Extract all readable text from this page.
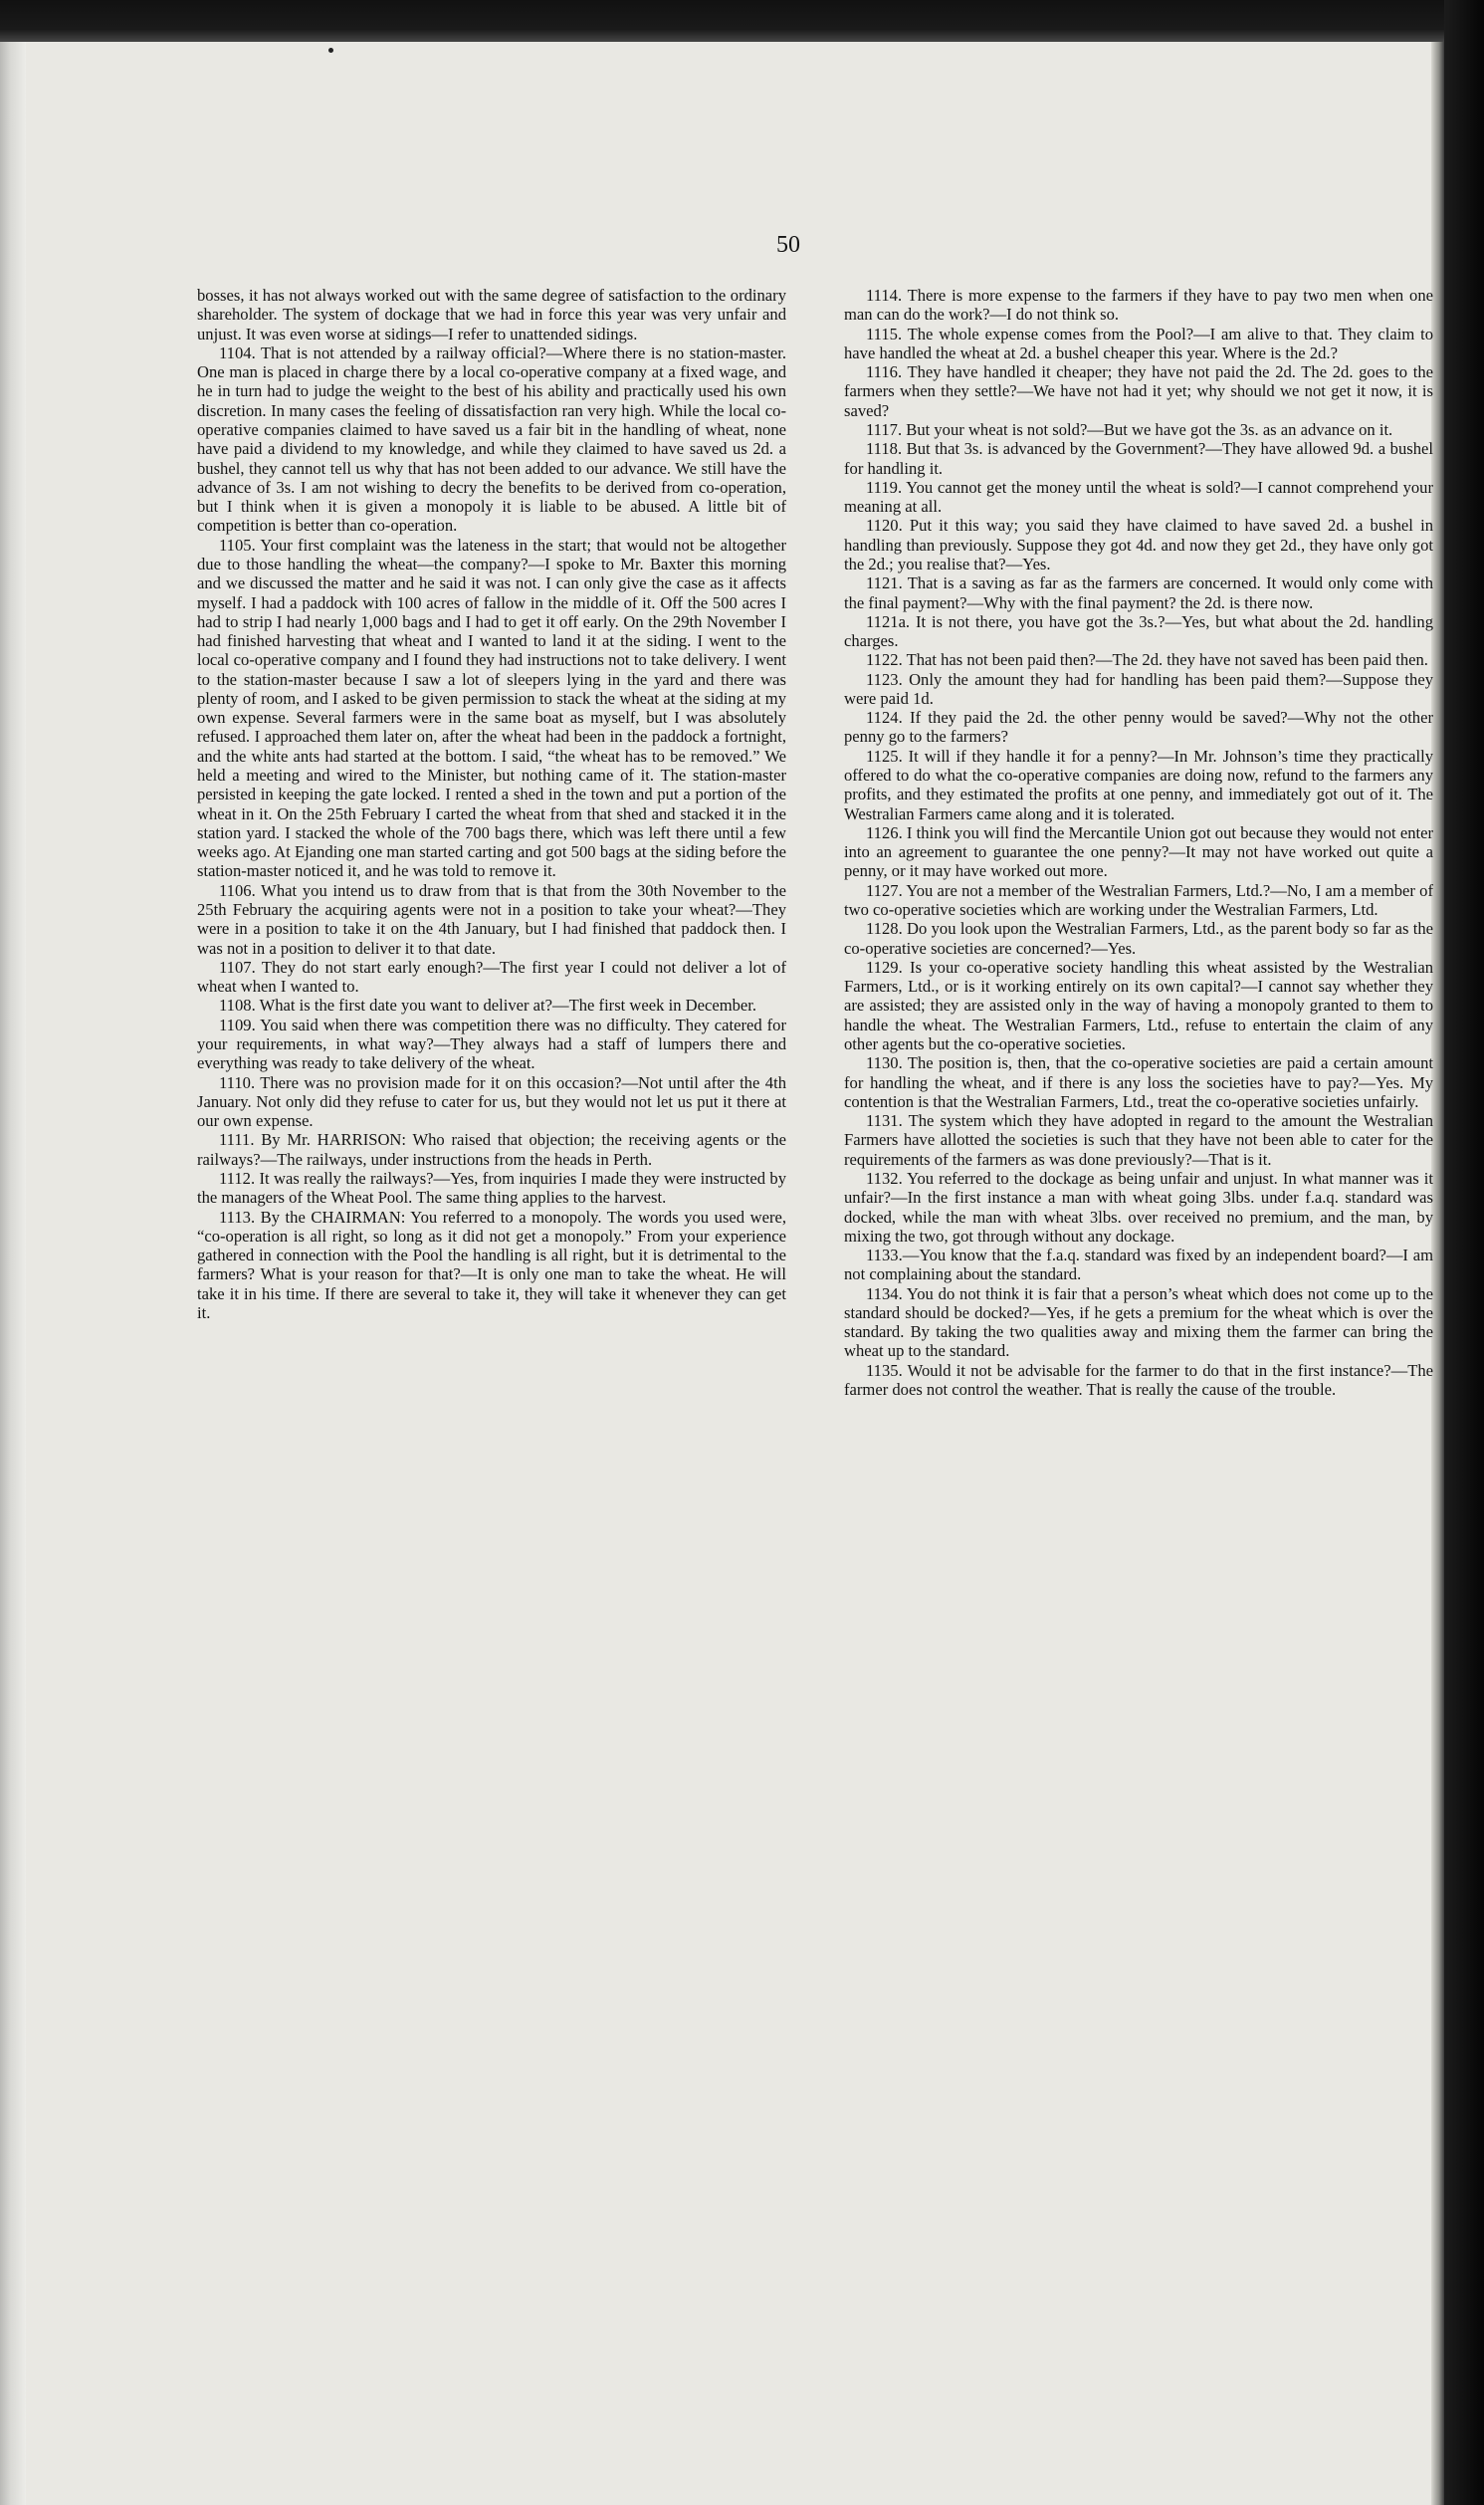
50

bosses, it has not always worked out with the same degree of satisfaction to the ordinary shareholder. The system of dockage that we had in force this year was very unfair and unjust. It was even worse at sidings—I refer to unattended sidings.

1104. That is not attended by a railway official?—Where there is no station-master. One man is placed in charge there by a local co-operative company at a fixed wage, and he in turn had to judge the weight to the best of his ability and practically used his own discretion. In many cases the feeling of dissatisfaction ran very high. While the local co-operative companies claimed to have saved us a fair bit in the handling of wheat, none have paid a dividend to my knowledge, and while they claimed to have saved us 2d. a bushel, they cannot tell us why that has not been added to our advance. We still have the advance of 3s. I am not wishing to decry the benefits to be derived from co-operation, but I think when it is given a monopoly it is liable to be abused. A little bit of competition is better than co-operation.

1105. Your first complaint was the lateness in the start; that would not be altogether due to those handling the wheat—the company?—I spoke to Mr. Baxter this morning and we discussed the matter and he said it was not. I can only give the case as it affects myself. I had a paddock with 100 acres of fallow in the middle of it. Off the 500 acres I had to strip I had nearly 1,000 bags and I had to get it off early. On the 29th November I had finished harvesting that wheat and I wanted to land it at the siding. I went to the local co-operative company and I found they had instructions not to take delivery. I went to the station-master because I saw a lot of sleepers lying in the yard and there was plenty of room, and I asked to be given permission to stack the wheat at the siding at my own expense. Several farmers were in the same boat as myself, but I was absolutely refused. I approached them later on, after the wheat had been in the paddock a fortnight, and the white ants had started at the bottom. I said, “the wheat has to be removed.” We held a meeting and wired to the Minister, but nothing came of it. The station-master persisted in keeping the gate locked. I rented a shed in the town and put a portion of the wheat in it. On the 25th February I carted the wheat from that shed and stacked it in the station yard. I stacked the whole of the 700 bags there, which was left there until a few weeks ago. At Ejanding one man started carting and got 500 bags at the siding before the station-master noticed it, and he was told to remove it.

1106. What you intend us to draw from that is that from the 30th November to the 25th February the acquiring agents were not in a position to take your wheat?—They were in a position to take it on the 4th January, but I had finished that paddock then. I was not in a position to deliver it to that date.

1107. They do not start early enough?—The first year I could not deliver a lot of wheat when I wanted to.

1108. What is the first date you want to deliver at?—The first week in December.

1109. You said when there was competition there was no difficulty. They catered for your requirements, in what way?—They always had a staff of lumpers there and everything was ready to take delivery of the wheat.

1110. There was no provision made for it on this occasion?—Not until after the 4th January. Not only did they refuse to cater for us, but they would not let us put it there at our own expense.

1111. By Mr. HARRISON: Who raised that objection; the receiving agents or the railways?—The railways, under instructions from the heads in Perth.

1112. It was really the railways?—Yes, from inquiries I made they were instructed by the managers of the Wheat Pool. The same thing applies to the harvest.

1113. By the CHAIRMAN: You referred to a monopoly. The words you used were, “co-operation is all right, so long as it did not get a monopoly.” From your experience gathered in connection with the Pool the handling is all right, but it is detrimental to the farmers? What is your reason for that?—It is only one man to take the wheat. He will take it in his time. If there are several to take it, they will take it whenever they can get it.

1114. There is more expense to the farmers if they have to pay two men when one man can do the work?—I do not think so.

1115. The whole expense comes from the Pool?—I am alive to that. They claim to have handled the wheat at 2d. a bushel cheaper this year. Where is the 2d.?

1116. They have handled it cheaper; they have not paid the 2d. The 2d. goes to the farmers when they settle?—We have not had it yet; why should we not get it now, it is saved?

1117. But your wheat is not sold?—But we have got the 3s. as an advance on it.

1118. But that 3s. is advanced by the Government?—They have allowed 9d. a bushel for handling it.

1119. You cannot get the money until the wheat is sold?—I cannot comprehend your meaning at all.

1120. Put it this way; you said they have claimed to have saved 2d. a bushel in handling than previously. Suppose they got 4d. and now they get 2d., they have only got the 2d.; you realise that?—Yes.

1121. That is a saving as far as the farmers are concerned. It would only come with the final payment?—Why with the final payment? the 2d. is there now.

1121a. It is not there, you have got the 3s.?—Yes, but what about the 2d. handling charges.

1122. That has not been paid then?—The 2d. they have not saved has been paid then.

1123. Only the amount they had for handling has been paid them?—Suppose they were paid 1d.

1124. If they paid the 2d. the other penny would be saved?—Why not the other penny go to the farmers?

1125. It will if they handle it for a penny?—In Mr. Johnson’s time they practically offered to do what the co-operative companies are doing now, refund to the farmers any profits, and they estimated the profits at one penny, and immediately got out of it. The Westralian Farmers came along and it is tolerated.

1126. I think you will find the Mercantile Union got out because they would not enter into an agreement to guarantee the one penny?—It may not have worked out quite a penny, or it may have worked out more.

1127. You are not a member of the Westralian Farmers, Ltd.?—No, I am a member of two co-operative societies which are working under the Westralian Farmers, Ltd.

1128. Do you look upon the Westralian Farmers, Ltd., as the parent body so far as the co-operative societies are concerned?—Yes.

1129. Is your co-operative society handling this wheat assisted by the Westralian Farmers, Ltd., or is it working entirely on its own capital?—I cannot say whether they are assisted; they are assisted only in the way of having a monopoly granted to them to handle the wheat. The Westralian Farmers, Ltd., refuse to entertain the claim of any other agents but the co-operative societies.

1130. The position is, then, that the co-operative societies are paid a certain amount for handling the wheat, and if there is any loss the societies have to pay?—Yes. My contention is that the Westralian Farmers, Ltd., treat the co-operative societies unfairly.

1131. The system which they have adopted in regard to the amount the Westralian Farmers have allotted the societies is such that they have not been able to cater for the requirements of the farmers as was done previously?—That is it.

1132. You referred to the dockage as being unfair and unjust. In what manner was it unfair?—In the first instance a man with wheat going 3lbs. under f.a.q. standard was docked, while the man with wheat 3lbs. over received no premium, and the man, by mixing the two, got through without any dockage.

1133.—You know that the f.a.q. standard was fixed by an independent board?—I am not complaining about the standard.

1134. You do not think it is fair that a person’s wheat which does not come up to the standard should be docked?—Yes, if he gets a premium for the wheat which is over the standard. By taking the two qualities away and mixing them the farmer can bring the wheat up to the standard.

1135. Would it not be advisable for the farmer to do that in the first instance?—The farmer does not control the weather. That is really the cause of the trouble.
